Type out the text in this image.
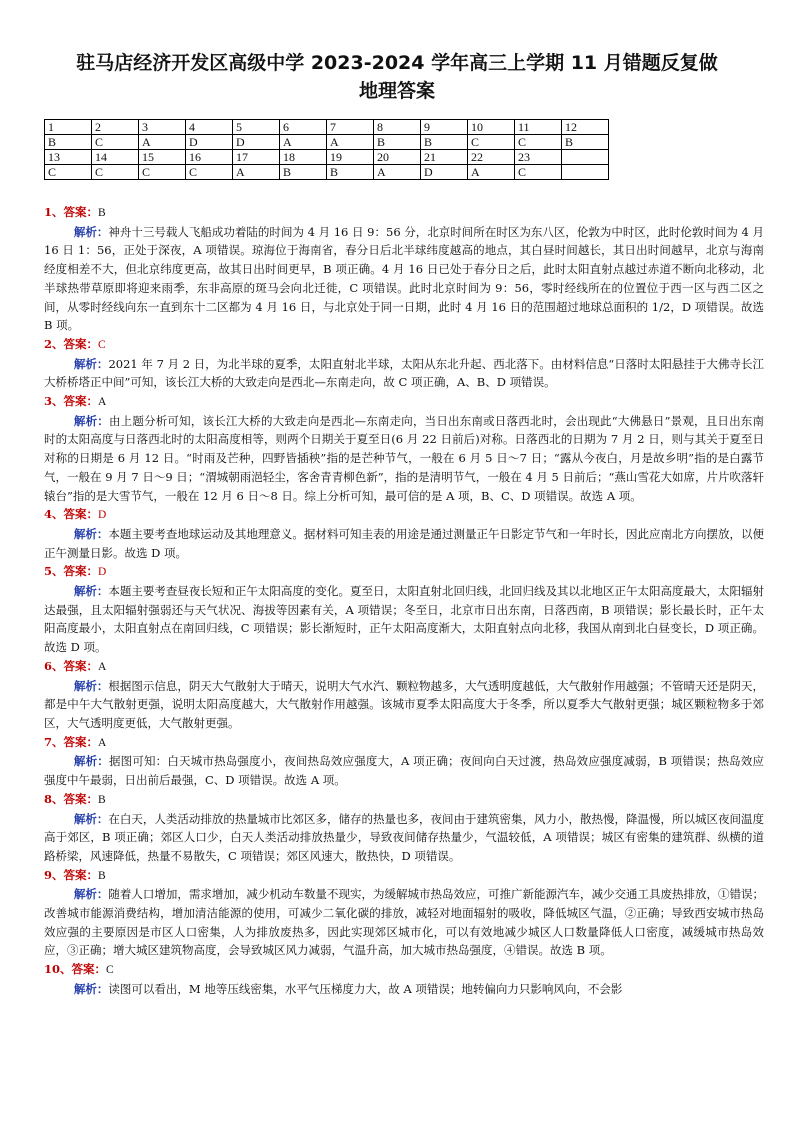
驻马店经济开发区高级中学 2023-2024 学年高三上学期 11 月错题反复做
地理答案
1	2	3	4	5	6	7	8	9	10	11	12
B	C	A	D	D	A	A	B	B	C	C	B
13	14	15	16	17	18	19	20	21	22	23	
C	C	C	C	A	B	B	A	D	A	C	

1、答案：B

解析：神舟十三号载人飞船成功着陆的时间为 4 月 16 日 9：56 分，北京时间所在时区为东八区，伦敦为中时区，此时伦敦时间为 4 月 16 日 1：56，正处于深夜，A 项错误。琼海位于海南省，春分日后北半球纬度越高的地点，其白昼时间越长，其日出时间越早，北京与海南经度相差不大，但北京纬度更高，故其日出时间更早，B 项正确。4 月 16 日已处于春分日之后，此时太阳直射点越过赤道不断向北移动，北半球热带草原即将迎来雨季，东非高原的斑马会向北迁徙，C 项错误。此时北京时间为 9：56，零时经线所在的位置位于西一区与西二区之间，从零时经线向东一直到东十二区都为 4 月 16 日，与北京处于同一日期，此时 4 月 16 日的范围超过地球总面积的 1/2，D 项错误。故选 B 项。

2、答案：C

解析：2021 年 7 月 2 日，为北半球的夏季，太阳直射北半球，太阳从东北升起、西北落下。由材料信息“日落时太阳悬挂于大佛寺长江大桥桥塔正中间”可知，该长江大桥的大致走向是西北—东南走向，故 C 项正确，A、B、D 项错误。

3、答案：A

解析：由上题分析可知，该长江大桥的大致走向是西北—东南走向，当日出东南或日落西北时，会出现此“大佛悬日”景观，且日出东南时的太阳高度与日落西北时的太阳高度相等，则两个日期关于夏至日(6 月 22 日前后)对称。日落西北的日期为 7 月 2 日，则与其关于夏至日对称的日期是 6 月 12 日。“时雨及芒种，四野皆插秧”指的是芒种节气，一般在 6 月 5 日～7 日；“露从今夜白，月是故乡明”指的是白露节气，一般在 9 月 7 日～9 日；“渭城朝雨浥轻尘，客舍青青柳色新”，指的是清明节气，一般在 4 月 5 日前后；“燕山雪花大如席，片片吹落轩辕台”指的是大雪节气，一般在 12 月 6 日～8 日。综上分析可知，最可信的是 A 项，B、C、D 项错误。故选 A 项。

4、答案：D

解析：本题主要考查地球运动及其地理意义。据材料可知圭表的用途是通过测量正午日影定节气和一年时长，因此应南北方向摆放，以便正午测量日影。故选 D 项。

5、答案：D

解析：本题主要考查昼夜长短和正午太阳高度的变化。夏至日，太阳直射北回归线，北回归线及其以北地区正午太阳高度最大，太阳辐射达最强，且太阳辐射强弱还与天气状况、海拔等因素有关，A 项错误；冬至日，北京市日出东南，日落西南，B 项错误；影长最长时，正午太阳高度最小，太阳直射点在南回归线，C 项错误；影长渐短时，正午太阳高度渐大，太阳直射点向北移，我国从南到北白昼变长，D 项正确。故选 D 项。

6、答案：A

解析：根据图示信息，阴天大气散射大于晴天，说明大气水汽、颗粒物越多，大气透明度越低，大气散射作用越强；不管晴天还是阴天，都是中午大气散射更强，说明太阳高度越大，大气散射作用越强。该城市夏季太阳高度大于冬季，所以夏季大气散射更强；城区颗粒物多于郊区，大气透明度更低，大气散射更强。

7、答案：A

解析：据图可知：白天城市热岛强度小，夜间热岛效应强度大，A 项正确；夜间向白天过渡，热岛效应强度减弱，B 项错误；热岛效应强度中午最弱，日出前后最强，C、D 项错误。故选 A 项。

8、答案：B

解析：在白天，人类活动排放的热量城市比郊区多，储存的热量也多，夜间由于建筑密集，风力小，散热慢，降温慢，所以城区夜间温度高于郊区，B 项正确；郊区人口少，白天人类活动排放热量少，导致夜间储存热量少，气温较低，A 项错误；城区有密集的建筑群、纵横的道路桥梁，风速降低，热量不易散失，C 项错误；郊区风速大，散热快，D 项错误。

9、答案：B

解析：随着人口增加，需求增加，减少机动车数量不现实，为缓解城市热岛效应，可推广新能源汽车，减少交通工具废热排放，①错误；改善城市能源消费结构，增加清洁能源的使用，可减少二氧化碳的排放，减轻对地面辐射的吸收，降低城区气温，②正确；导致西安城市热岛效应强的主要原因是市区人口密集，人为排放废热多，因此实现郊区城市化，可以有效地减少城区人口数量降低人口密度，减缓城市热岛效应，③正确；增大城区建筑物高度，会导致城区风力减弱，气温升高，加大城市热岛强度，④错误。故选 B 项。

10、答案：C

解析：读图可以看出，M 地等压线密集，水平气压梯度力大，故 A 项错误；地转偏向力只影响风向，不会影
